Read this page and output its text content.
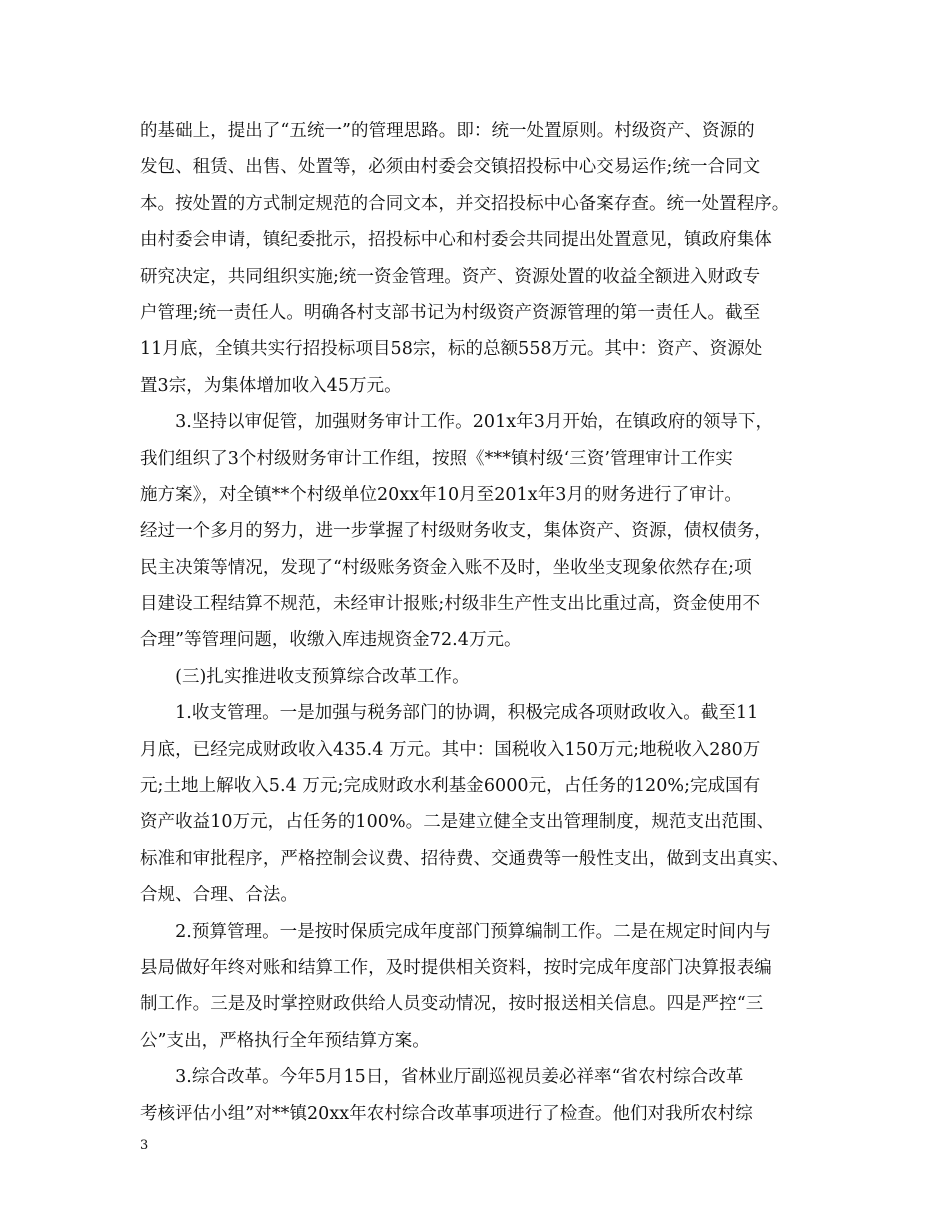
的基础上，提出了“五统一”的管理思路。即：统一处置原则。村级资产、资源的
发包、租赁、出售、处置等，必须由村委会交镇招投标中心交易运作;统一合同文
本。按处置的方式制定规范的合同文本，并交招投标中心备案存查。统一处置程序。
由村委会申请，镇纪委批示，招投标中心和村委会共同提出处置意见，镇政府集体
研究决定，共同组织实施;统一资金管理。资产、资源处置的收益全额进入财政专
户管理;统一责任人。明确各村支部书记为村级资产资源管理的第一责任人。截至
11月底，全镇共实行招投标项目58宗，标的总额558万元。其中：资产、资源处
置3宗，为集体增加收入45万元。
　　3.坚持以审促管，加强财务审计工作。201x年3月开始，在镇政府的领导下，
我们组织了3个村级财务审计工作组，按照《***镇村级‘三资’管理审计工作实
施方案》，对全镇**个村级单位20xx年10月至201x年3月的财务进行了审计。
经过一个多月的努力，进一步掌握了村级财务收支，集体资产、资源，债权债务，
民主决策等情况，发现了“村级账务资金入账不及时，坐收坐支现象依然存在;项
目建设工程结算不规范，未经审计报账;村级非生产性支出比重过高，资金使用不
合理”等管理问题，收缴入库违规资金72.4万元。
　　(三)扎实推进收支预算综合改革工作。
　　1.收支管理。一是加强与税务部门的协调，积极完成各项财政收入。截至11
月底，已经完成财政收入435.4 万元。其中：国税收入150万元;地税收入280万
元;土地上解收入5.4 万元;完成财政水利基金6000元，占任务的120%;完成国有
资产收益10万元，占任务的100%。二是建立健全支出管理制度，规范支出范围、
标准和审批程序，严格控制会议费、招待费、交通费等一般性支出，做到支出真实、
合规、合理、合法。
　　2.预算管理。一是按时保质完成年度部门预算编制工作。二是在规定时间内与
县局做好年终对账和结算工作，及时提供相关资料，按时完成年度部门决算报表编
制工作。三是及时掌控财政供给人员变动情况，按时报送相关信息。四是严控“三
公”支出，严格执行全年预结算方案。
　　3.综合改革。今年5月15日，省林业厅副巡视员姜必祥率“省农村综合改革
考核评估小组”对**镇20xx年农村综合改革事项进行了检查。他们对我所农村综
3
